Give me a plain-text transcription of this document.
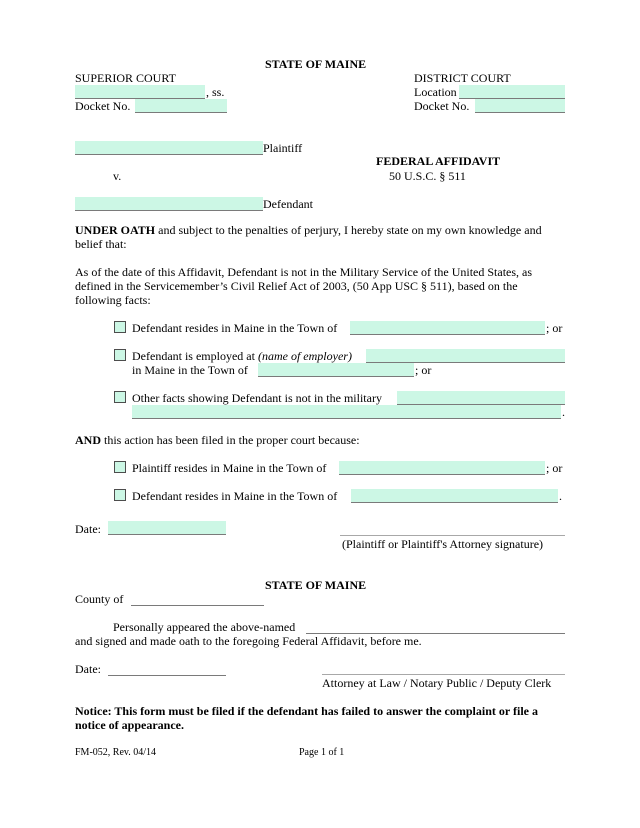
STATE OF MAINE
SUPERIOR COURT	DISTRICT COURT
, ss.	Location
Docket No.	Docket No.
Plaintiff
FEDERAL AFFIDAVIT
v.	50 U.S.C. § 511
Defendant
UNDER OATH and subject to the penalties of perjury, I hereby state on my own knowledge and belief that:
As of the date of this Affidavit, Defendant is not in the Military Service of the United States, as defined in the Servicemember’s Civil Relief Act of 2003, (50 App USC § 511), based on the following facts:
Defendant resides in Maine in the Town of	; or
Defendant is employed at (name of employer)
in Maine in the Town of	; or
Other facts showing Defendant is not in the military
.
AND this action has been filed in the proper court because:
Plaintiff resides in Maine in the Town of	; or
Defendant resides in Maine in the Town of	.
Date:
(Plaintiff or Plaintiff's Attorney signature)
STATE OF MAINE
County of
Personally appeared the above-named
and signed and made oath to the foregoing Federal Affidavit, before me.
Date:
Attorney at Law / Notary Public / Deputy Clerk
Notice: This form must be filed if the defendant has failed to answer the complaint or file a notice of appearance.
FM-052, Rev. 04/14	Page 1 of 1
